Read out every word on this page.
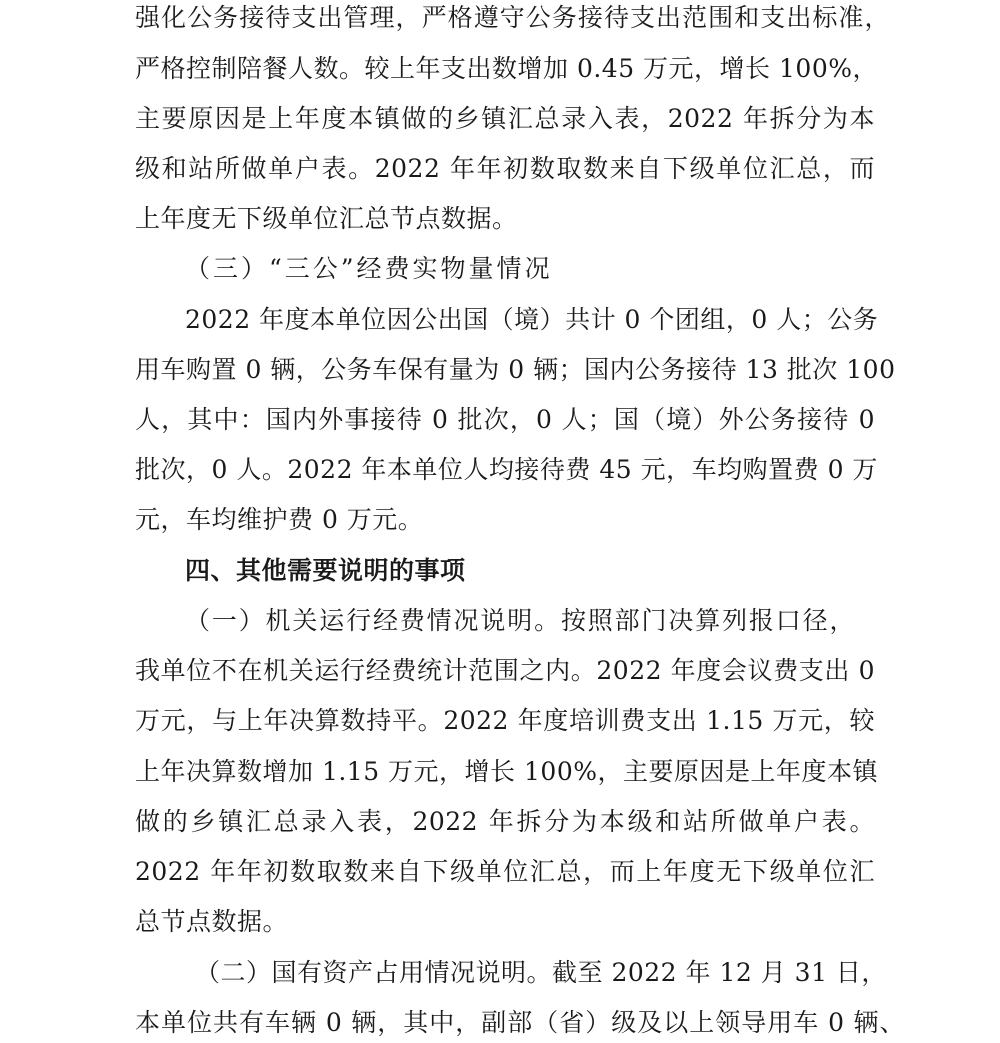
强化公务接待支出管理，严格遵守公务接待支出范围和支出标准，
严格控制陪餐人数。较上年支出数增加 0.45 万元，增长 100%，
主要原因是上年度本镇做的乡镇汇总录入表，2022 年拆分为本
级和站所做单户表。2022 年年初数取数来自下级单位汇总，而
上年度无下级单位汇总节点数据。
（三）“三公”经费实物量情况
2022 年度本单位因公出国（境）共计 0 个团组，0 人；公务
用车购置 0 辆，公务车保有量为 0 辆；国内公务接待 13 批次 100
人，其中：国内外事接待 0 批次，0 人；国（境）外公务接待 0
批次，0 人。2022 年本单位人均接待费 45 元，车均购置费 0 万
元，车均维护费 0 万元。
四、其他需要说明的事项
（一）机关运行经费情况说明。按照部门决算列报口径，
我单位不在机关运行经费统计范围之内。2022 年度会议费支出 0
万元，与上年决算数持平。2022 年度培训费支出 1.15 万元，较
上年决算数增加 1.15 万元，增长 100%，主要原因是上年度本镇
做的乡镇汇总录入表，2022 年拆分为本级和站所做单户表。
2022 年年初数取数来自下级单位汇总，而上年度无下级单位汇
总节点数据。
（二）国有资产占用情况说明。截至 2022 年 12 月 31 日，
本单位共有车辆 0 辆，其中，副部（省）级及以上领导用车 0 辆、
